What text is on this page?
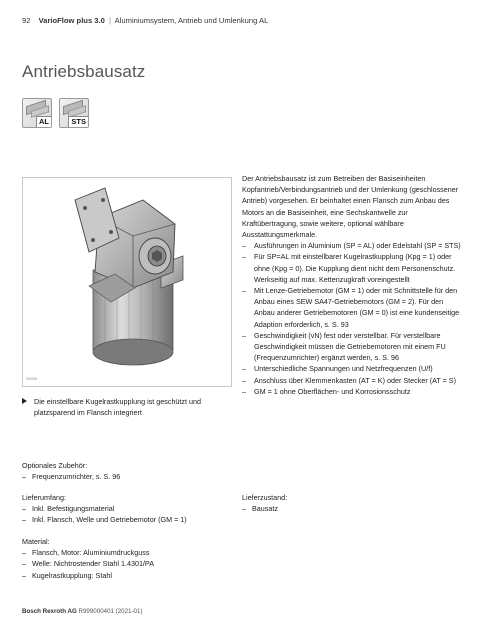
92 VarioFlow plus 3.0 | Aluminiumsystem, Antrieb und Umlenkung AL
Antriebsbausatz
AL	STS
33930
Die einstellbare Kugelrastkupplung ist geschützt und platzsparend im Flansch integriert

Der Antriebsbausatz ist zum Betreiben der Basiseinheiten Kopfantrieb/Verbindungsantrieb und der Umlenkung (geschlossener Antrieb) vorgesehen. Er beinhaltet einen Flansch zum Anbau des Motors an die Basiseinheit, eine Sechskantwelle zur Kraftübertragung, sowie weitere, optional wählbare Ausstattungsmerkmale.

– Ausführungen in Aluminium (SP = AL) oder Edelstahl (SP = STS)
– Für SP=AL mit einstellbarer Kugelrastkupplung (Kpg = 1) oder ohne (Kpg = 0). Die Kupplung dient nicht dem Personenschutz. Werkseitig auf max. Kettenzugkraft voreingestellt
– Mit Lenze-Getriebemotor (GM = 1) oder mit Schnittstelle für den Anbau eines SEW SA47-Getriebemotors (GM = 2). Für den Anbau anderer Getriebemotoren (GM = 0) ist eine kundenseitige Adaption erforderlich, s. S. 93
– Geschwindigkeit (vN) fest oder verstellbar. Für verstellbare Geschwindigkeit müssen die Getriebemotoren mit einem FU (Frequenzumrichter) ergänzt werden, s. S. 96
– Unterschiedliche Spannungen und Netzfrequenzen (U/f)
– Anschluss über Klemmenkasten (AT = K) oder Stecker (AT = S)
– GM = 1 ohne Oberflächen- und Korrosionsschutz
Optionales Zubehör:
– Frequenzumrichter, s. S. 96
Lieferumfang:
– Inkl. Befestigungsmaterial
– Inkl. Flansch, Welle und Getriebemotor (GM = 1)
Lieferzustand:
– Bausatz
Material:
– Flansch, Motor: Aluminiumdruckguss
– Welle: Nichtrostender Stahl 1.4301/PA
– Kugelrastkupplung: Stahl
Bosch Rexroth AG R999000401 (2021-01)
